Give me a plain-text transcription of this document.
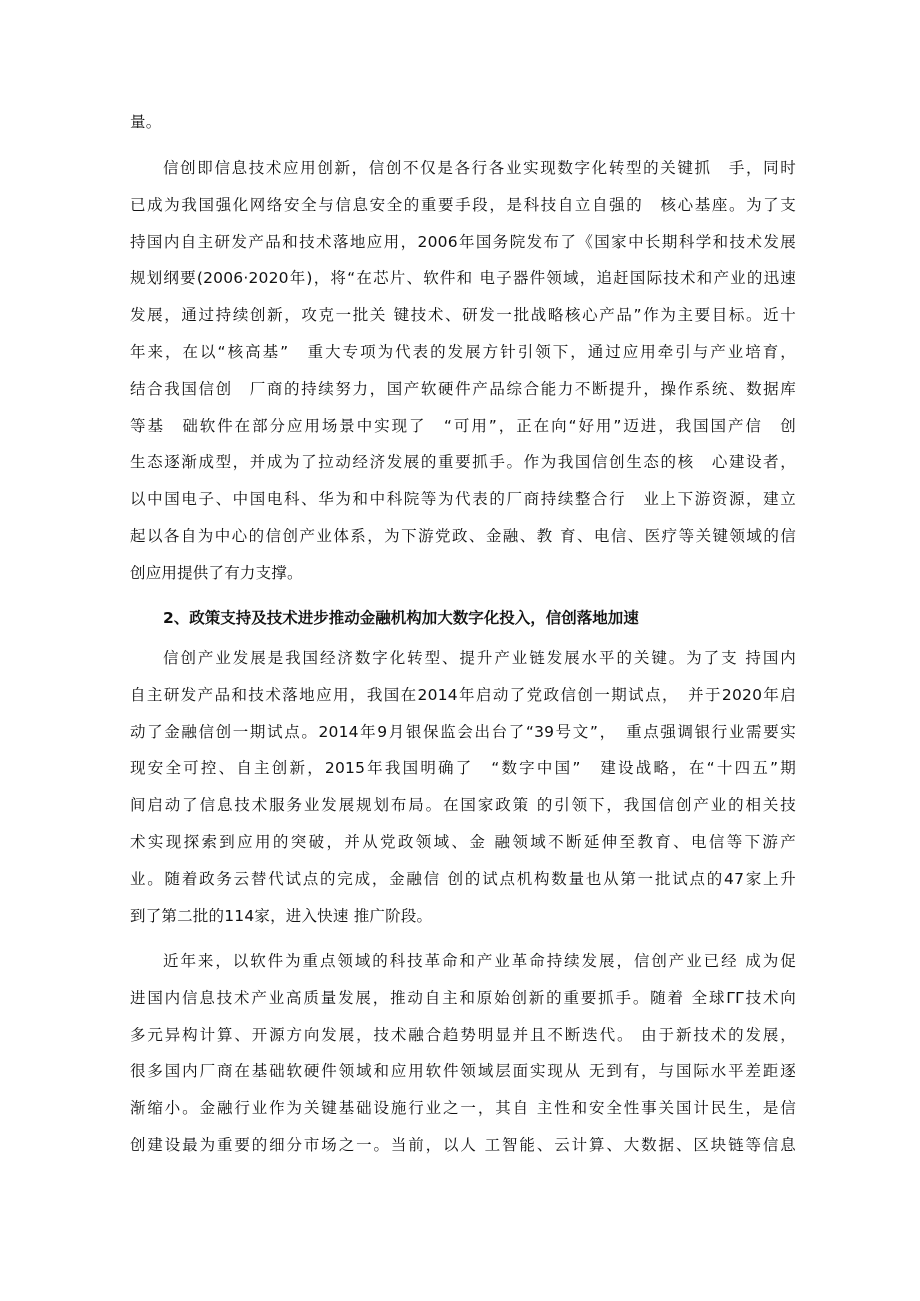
量。
信创即信息技术应用创新，信创不仅是各行各业实现数字化转型的关键抓　手，同时
已成为我国强化网络安全与信息安全的重要手段，是科技自立自强的　核心基座。为了支
持国内自主研发产品和技术落地应用，2006年国务院发布了《国家中长期科学和技术发展
规划纲要(2006·2020年)，将“在芯片、软件和 电子器件领域，追赶国际技术和产业的迅速
发展，通过持续创新，攻克一批关 键技术、研发一批战略核心产品”作为主要目标。近十
年来，在以“核高基”　重大专项为代表的发展方针引领下，通过应用牵引与产业培育，
结合我国信创　厂商的持续努力，国产软硬件产品综合能力不断提升，操作系统、数据库
等基　础软件在部分应用场景中实现了　“可用”，正在向“好用”迈进，我国国产信　创
生态逐渐成型，并成为了拉动经济发展的重要抓手。作为我国信创生态的核　心建设者，
以中国电子、中国电科、华为和中科院等为代表的厂商持续整合行　业上下游资源，建立
起以各自为中心的信创产业体系，为下游党政、金融、教 育、电信、医疗等关键领域的信
创应用提供了有力支撑。
2、政策支持及技术进步推动金融机构加大数字化投入，信创落地加速
信创产业发展是我国经济数字化转型、提升产业链发展水平的关键。为了支 持国内
自主研发产品和技术落地应用，我国在2014年启动了党政信创一期试点，　并于2020年启
动了金融信创一期试点。2014年9月银保监会出台了“39号文”，　重点强调银行业需要实
现安全可控、自主创新，2015年我国明确了　“数字中国”　建设战略，在“十四五”期
间启动了信息技术服务业发展规划布局。在国家政策 的引领下，我国信创产业的相关技
术实现探索到应用的突破，并从党政领域、金 融领域不断延伸至教育、电信等下游产
业。随着政务云替代试点的完成，金融信 创的试点机构数量也从第一批试点的47家上升
到了第二批的114家，进入快速 推广阶段。
近年来，以软件为重点领域的科技革命和产业革命持续发展，信创产业已经 成为促
进国内信息技术产业高质量发展，推动自主和原始创新的重要抓手。随着 全球ΓΓ技术向
多元异构计算、开源方向发展，技术融合趋势明显并且不断迭代。 由于新技术的发展，
很多国内厂商在基础软硬件领域和应用软件领域层面实现从 无到有，与国际水平差距逐
渐缩小。金融行业作为关键基础设施行业之一，其自 主性和安全性事关国计民生，是信
创建设最为重要的细分市场之一。当前，以人 工智能、云计算、大数据、区块链等信息
